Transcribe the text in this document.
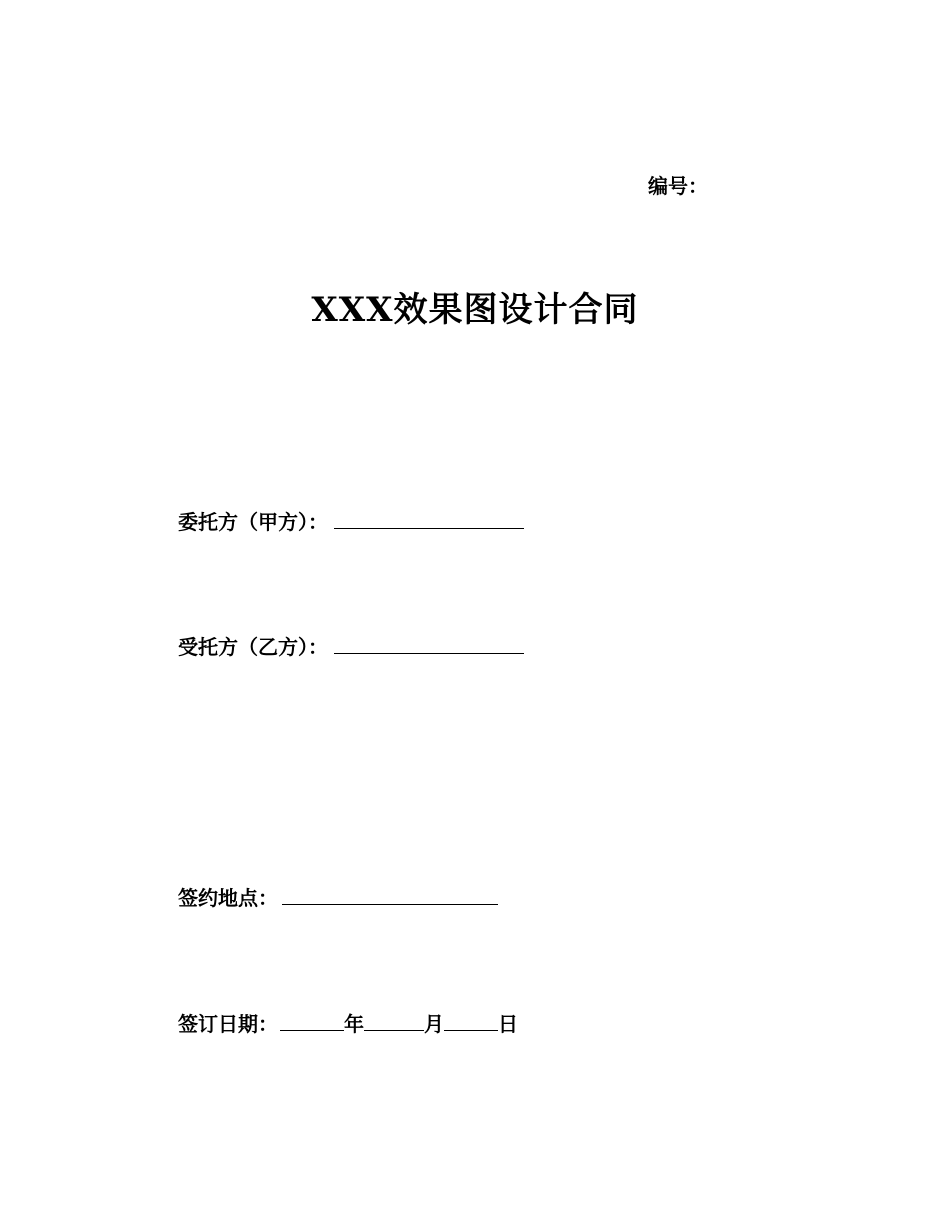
编号：
XXX效果图设计合同
委托方（甲方）：
受托方（乙方）：
签约地点：
签订日期：	年	月	日
